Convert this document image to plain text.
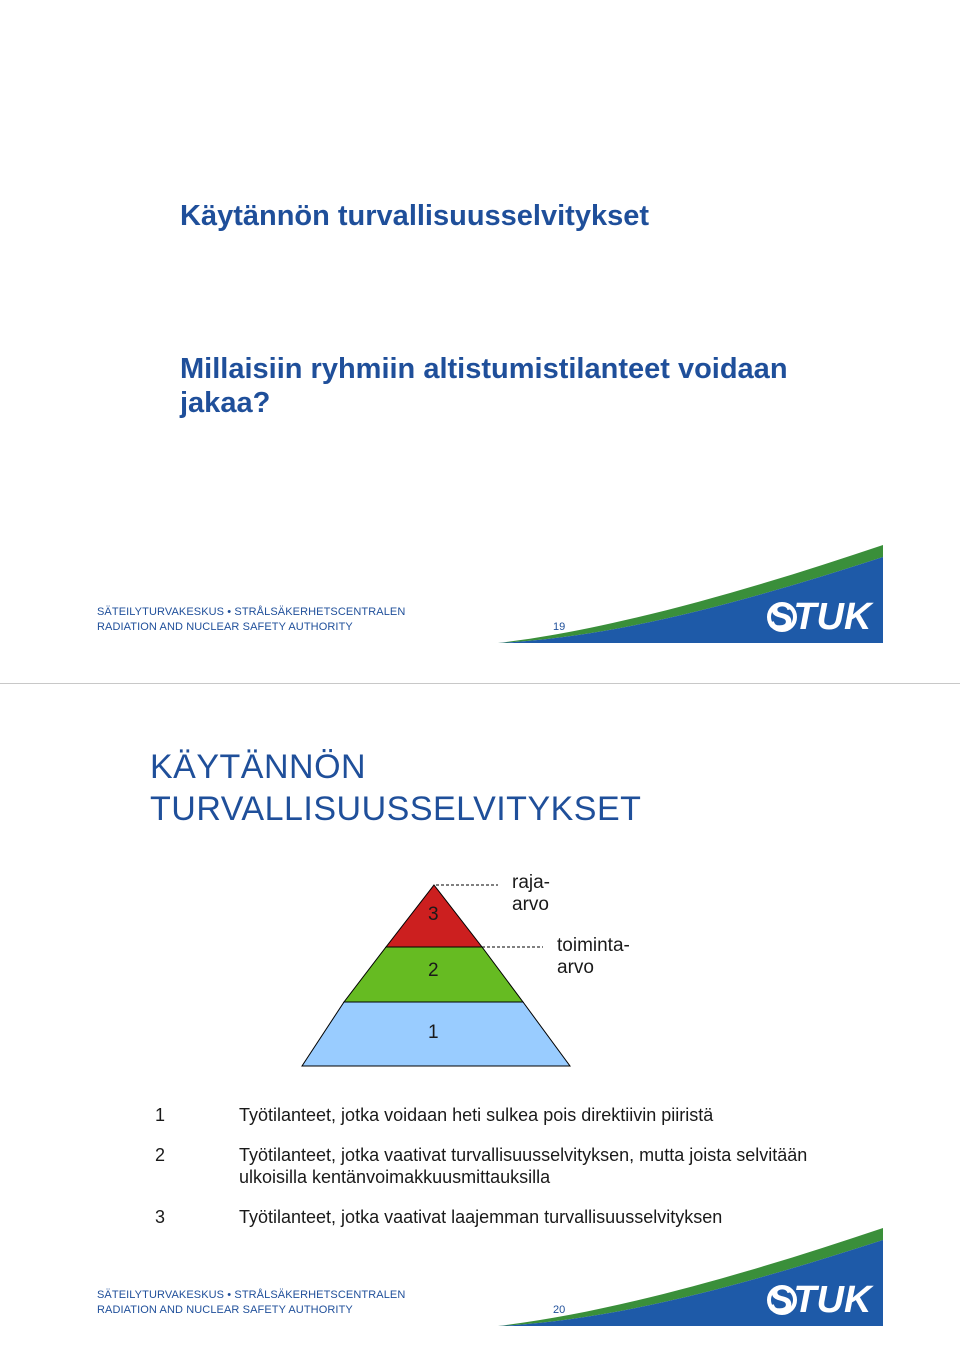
Käytännön turvallisuusselvitykset
Millaisiin ryhmiin altistumistilanteet voidaan jakaa?
SÄTEILYTURVAKESKUS • STRÅLSÄKERHETSCENTRALEN
RADIATION AND NUCLEAR SAFETY AUTHORITY	19	STUK
KÄYTÄNNÖN
TURVALLISUUSSELVITYKSET
raja-arvo
toiminta-arvo
3
2
1
1	Työtilanteet, jotka voidaan heti sulkea pois direktiivin piiristä
2	Työtilanteet, jotka vaativat turvallisuusselvityksen, mutta joista selvitään ulkoisilla kentänvoimakkuusmittauksilla
3	Työtilanteet, jotka vaativat laajemman turvallisuusselvityksen
SÄTEILYTURVAKESKUS • STRÅLSÄKERHETSCENTRALEN
RADIATION AND NUCLEAR SAFETY AUTHORITY	20	STUK
